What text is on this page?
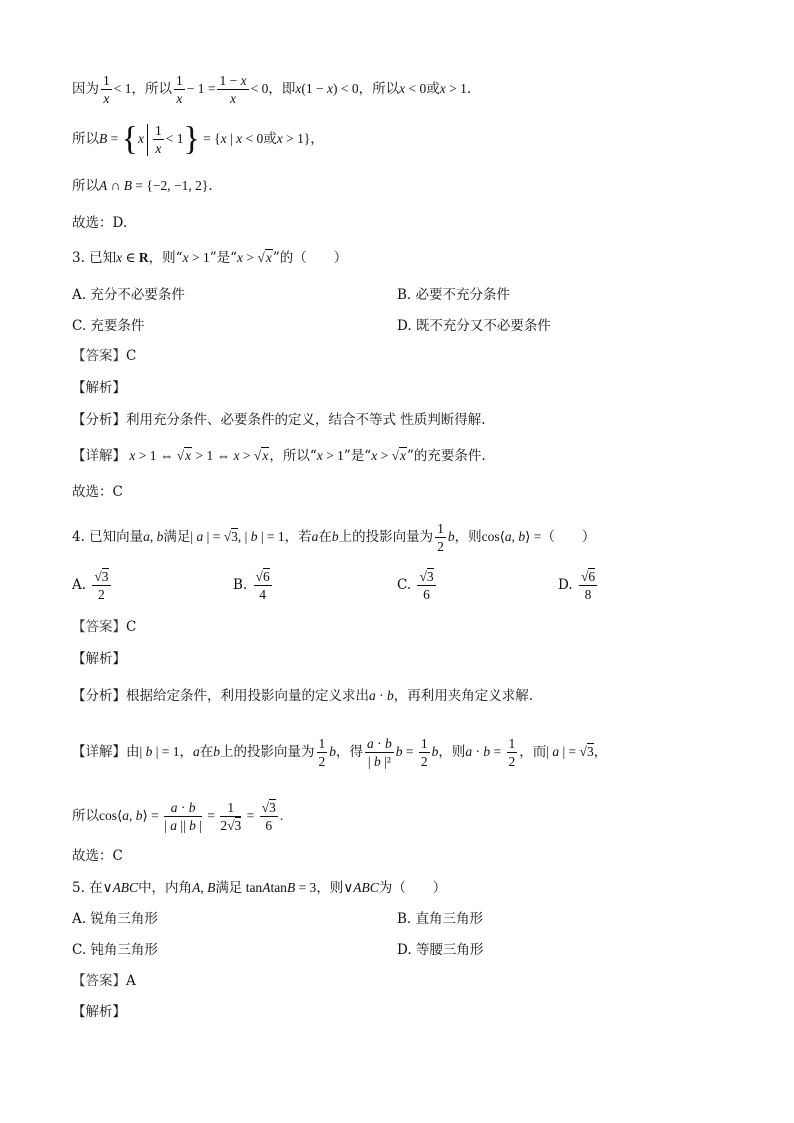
因为 $\frac{1}{x} < 1$，所以 $\frac{1}{x} - 1 = \frac{1 - x}{x} < 0$，即x(1 − x) < 0，所以x < 0或x > 1.
所以$B = \{x \frac{1}{x} < 1\} = \{x$ | x < 0或x > 1}，
所以A ∩ B = {−2, −1, 2}.
故选：D.
3. 已知x ∈ R，则“x > 1”是“x > √x”的（　　）
A. 充分不必要条件	B. 必要不充分条件
C. 充要条件	D. 既不充分又不必要条件
【答案】C
【解析】
【分析】利用充分条件、必要条件的定义，结合不等式 性质判断得解.
【详解】 x > 1 ⇔ √x > 1 ⇔ x > √x，所以“x > 1”是“x > √x”的充要条件.
故选：C
4. 已知向量a, b满足| a | = √3, | b | = 1，若a在b上的投影向量为 $\frac{1}{2}$ b，则cos⟨a, b⟩ =（　　）
A. $\frac{√3}{2}$	B. $\frac{√6}{4}$	C. $\frac{√3}{6}$	D. $\frac{√6}{8}$
【答案】C
【解析】
【分析】根据给定条件，利用投影向量的定义求出a · b，再利用夹角定义求解.
【详解】由| b | = 1，a在b上的投影向量为 $\frac{1}{2}$ b，得 $\frac{a \cdot b}{\text{| b |²}}$ $b = \frac{1}{2}$ b，则$a \cdot b = \frac{1}{2}$ ，而| a | = √3，
所以cos⟨a, b⟩ = $\frac{a \cdot b}{| a || b |} = \frac{1}{2√3} = \frac{√3}{6}$ .
故选：C
5. 在∨ABC中，内角A, B满足 tanAtanB = 3，则∨ABC为（　　）
A. 锐角三角形	B. 直角三角形
C. 钝角三角形	D. 等腰三角形
【答案】A
【解析】
